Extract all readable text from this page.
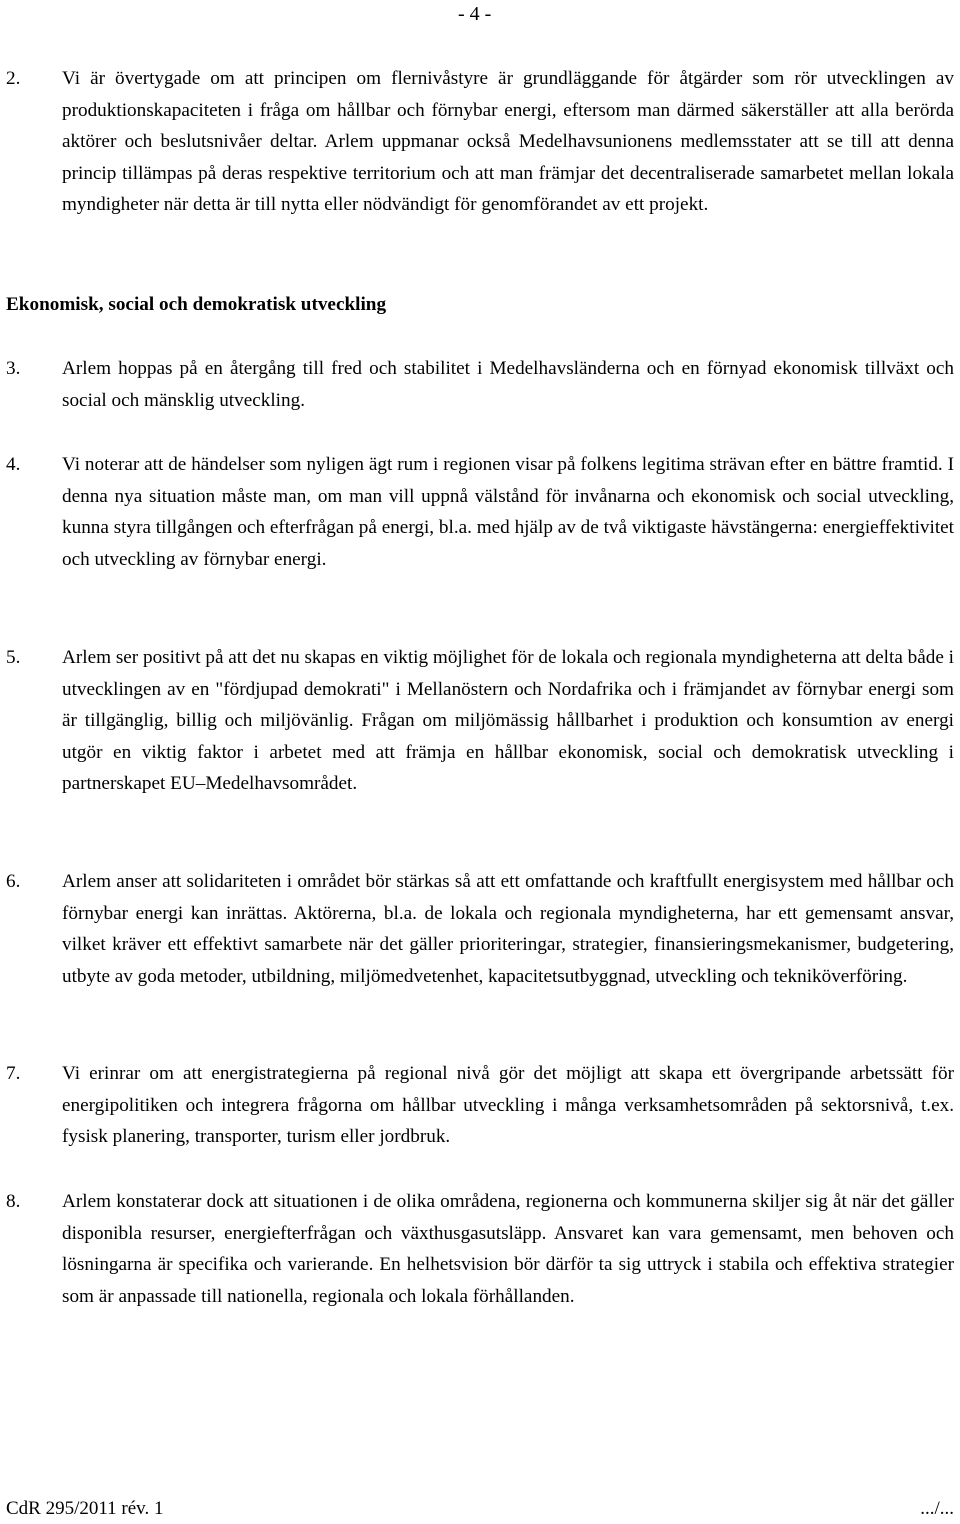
- 4 -
2. Vi är övertygade om att principen om flernivåstyre är grundläggande för åtgärder som rör utvecklingen av produktionskapaciteten i fråga om hållbar och förnybar energi, eftersom man därmed säkerställer att alla berörda aktörer och beslutsnivåer deltar. Arlem uppmanar också Medelhavsunionens medlemsstater att se till att denna princip tillämpas på deras respektive territorium och att man främjar det decentraliserade samarbetet mellan lokala myndigheter när detta är till nytta eller nödvändigt för genomförandet av ett projekt.
Ekonomisk, social och demokratisk utveckling
3. Arlem hoppas på en återgång till fred och stabilitet i Medelhavsländerna och en förnyad ekonomisk tillväxt och social och mänsklig utveckling.
4. Vi noterar att de händelser som nyligen ägt rum i regionen visar på folkens legitima strävan efter en bättre framtid. I denna nya situation måste man, om man vill uppnå välstånd för invånarna och ekonomisk och social utveckling, kunna styra tillgången och efterfrågan på energi, bl.a. med hjälp av de två viktigaste hävstängerna: energieffektivitet och utveckling av förnybar energi.
5. Arlem ser positivt på att det nu skapas en viktig möjlighet för de lokala och regionala myndigheterna att delta både i utvecklingen av en "fördjupad demokrati" i Mellanöstern och Nordafrika och i främjandet av förnybar energi som är tillgänglig, billig och miljövänlig. Frågan om miljömässig hållbarhet i produktion och konsumtion av energi utgör en viktig faktor i arbetet med att främja en hållbar ekonomisk, social och demokratisk utveckling i partnerskapet EU–Medelhavsområdet.
6. Arlem anser att solidariteten i området bör stärkas så att ett omfattande och kraftfullt energisystem med hållbar och förnybar energi kan inrättas. Aktörerna, bl.a. de lokala och regionala myndigheterna, har ett gemensamt ansvar, vilket kräver ett effektivt samarbete när det gäller prioriteringar, strategier, finansieringsmekanismer, budgetering, utbyte av goda metoder, utbildning, miljömedvetenhet, kapacitetsutbyggnad, utveckling och tekniköverföring.
7. Vi erinrar om att energistrategierna på regional nivå gör det möjligt att skapa ett övergripande arbetssätt för energipolitiken och integrera frågorna om hållbar utveckling i många verksamhetsområden på sektorsnivå, t.ex. fysisk planering, transporter, turism eller jordbruk.
8. Arlem konstaterar dock att situationen i de olika områdena, regionerna och kommunerna skiljer sig åt när det gäller disponibla resurser, energiefterfrågan och växthusgasutsläpp. Ansvaret kan vara gemensamt, men behoven och lösningarna är specifika och varierande. En helhetsvision bör därför ta sig uttryck i stabila och effektiva strategier som är anpassade till nationella, regionala och lokala förhållanden.
CdR 295/2011 rév. 1	.../...
